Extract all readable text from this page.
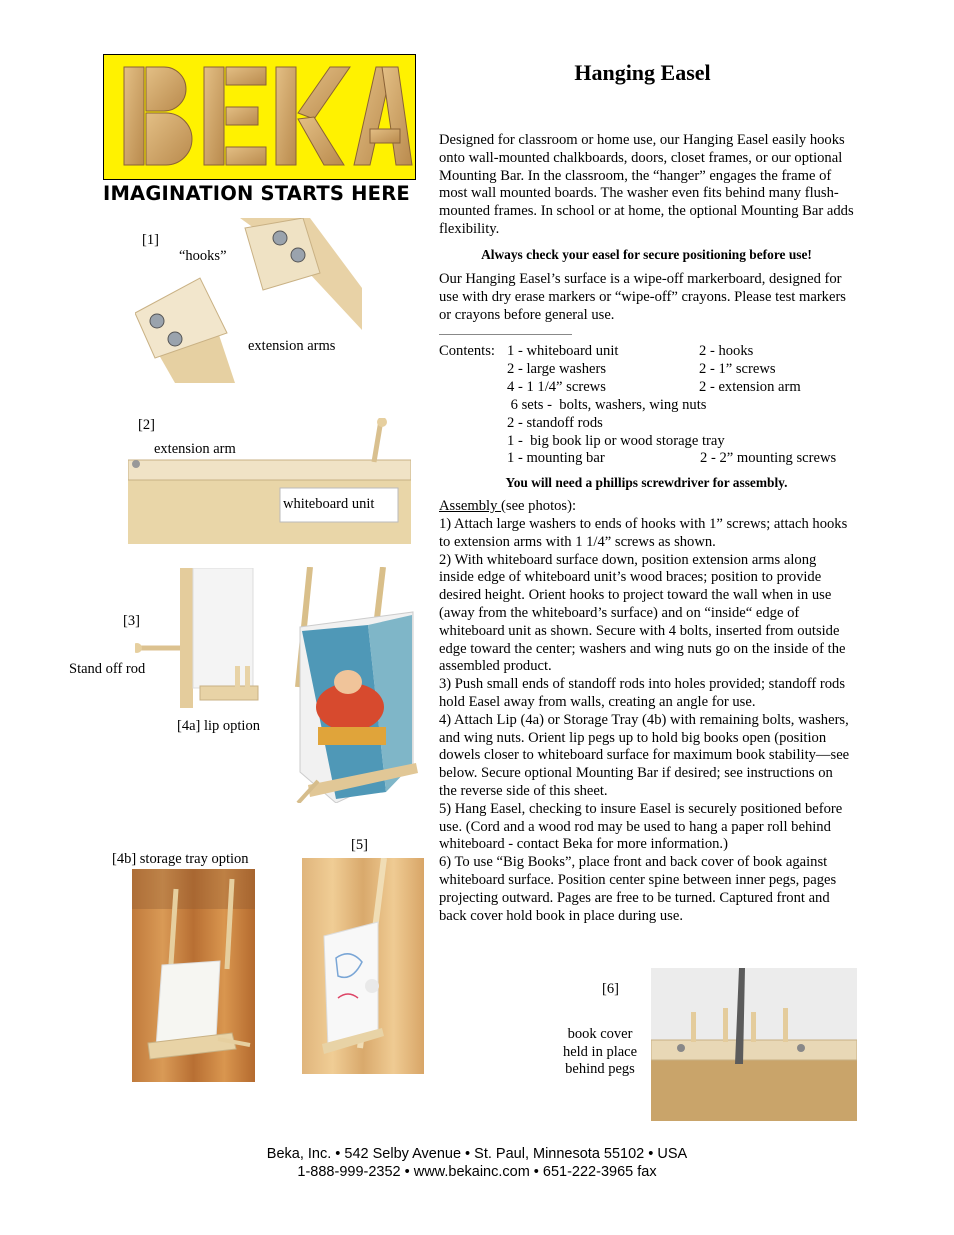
IMAGINATION STARTS HERE
[1]
“hooks”
extension arms
[2]
extension arm
whiteboard unit
[3]
Stand off rod
[4a] lip option
[4b] storage tray option
[5]
[6]
book cover
held in place
behind pegs
Hanging Easel
Designed for classroom or home use, our Hanging Easel easily hooks onto wall-mounted chalkboards, doors, closet frames, or our optional Mounting Bar. In the classroom, the “hanger” engages the frame of most wall mounted boards. The washer even fits behind many flush-mounted frames. In school or at home, the optional Mounting Bar adds flexibility.
Always check your easel for secure positioning before use!
Our Hanging Easel’s surface is a wipe-off markerboard, designed for use with dry erase markers or “wipe-off” crayons. Please test markers or crayons before general use.
Contents: 1 - whiteboard unit	2 - hooks
2 - large washers	2 - 1” screws
4 - 1 1/4” screws	2 - extension arm
6 sets -  bolts, washers, wing nuts
2 - standoff rods
1 -  big book lip or wood storage tray
1 - mounting bar	2 - 2” mounting screws
You will need a phillips screwdriver for assembly.
Assembly (see photos):
1) Attach large washers to ends of hooks with 1” screws; attach hooks to extension arms with 1 1/4” screws as shown.
2) With whiteboard surface down, position extension arms along inside edge of whiteboard unit’s wood braces; position to provide desired height. Orient hooks to project toward the wall when in use (away from the whiteboard’s surface) and on “inside“ edge of whiteboard unit as shown. Secure with 4 bolts, inserted from outside edge toward the center; washers and wing nuts go on the inside of the assembled product.
3) Push small ends of standoff rods into holes provided; standoff rods hold Easel away from walls, creating an angle for use.
4) Attach Lip (4a) or Storage Tray (4b) with remaining bolts, washers, and wing nuts. Orient lip pegs up to hold big books open (position dowels closer to whiteboard surface for maximum book stability—see below. Secure optional Mounting Bar if desired; see instructions on the reverse side of this sheet.
5) Hang Easel, checking to insure Easel is securely positioned before use. (Cord and a wood rod may be used to hang a paper roll behind whiteboard - contact Beka for more information.)
6) To use “Big Books”, place front and back cover of book against whiteboard surface. Position center spine between inner pegs, pages projecting outward. Pages are free to be turned. Captured front and back cover hold book in place during use.
Beka, Inc. • 542 Selby Avenue • St. Paul, Minnesota 55102 • USA
1-888-999-2352 • www.bekainc.com • 651-222-3965 fax
